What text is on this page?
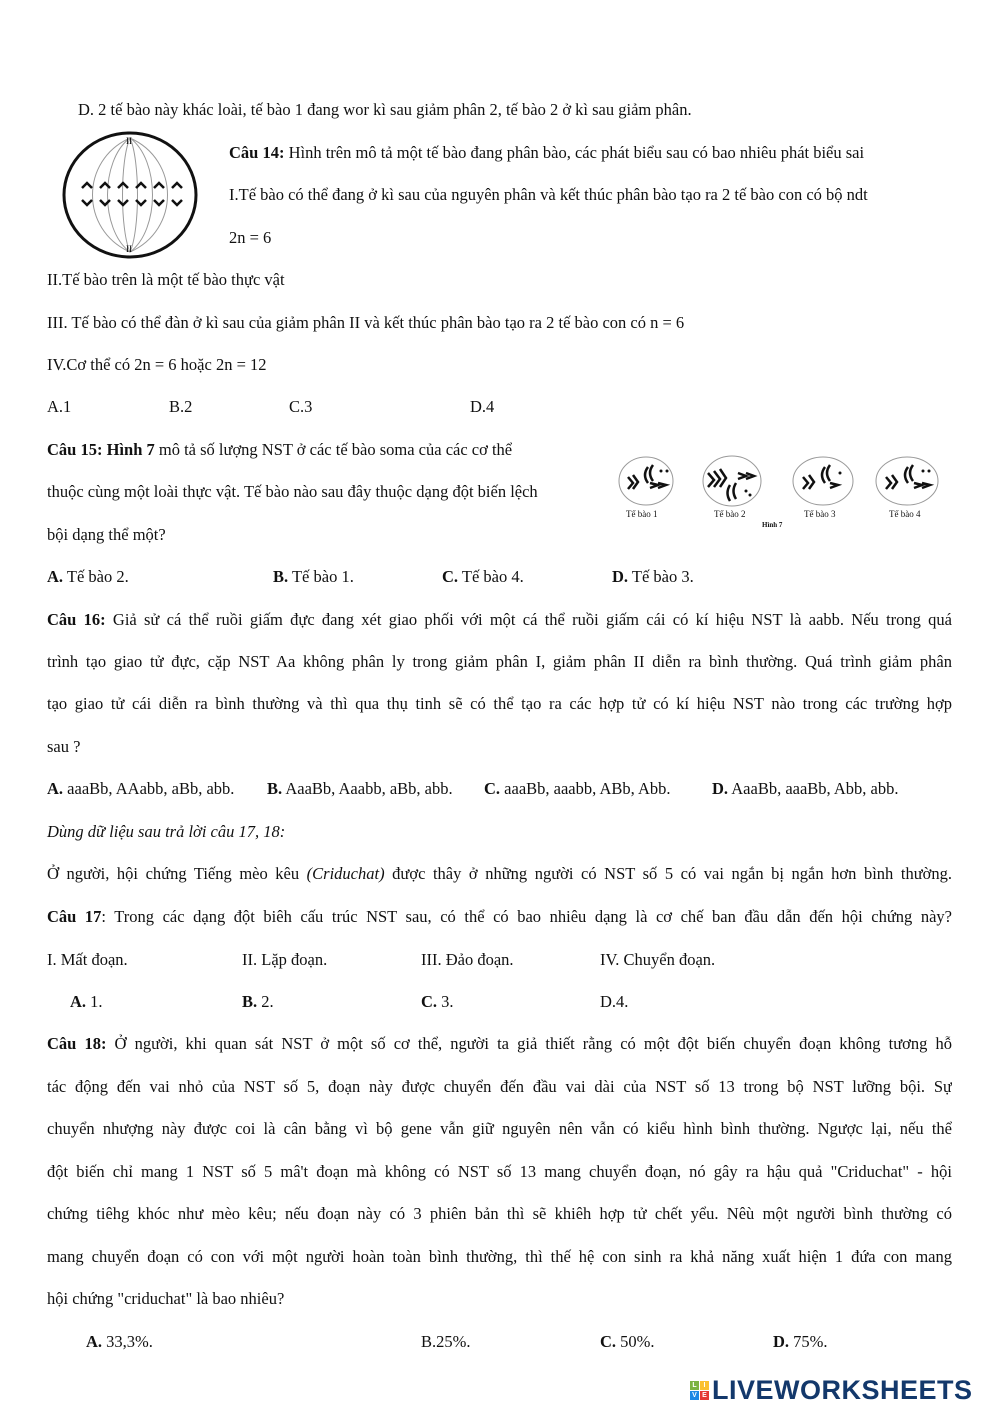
D. 2 tế bào này khác loài, tế bào 1 đang wor kì sau giảm phân 2, tế bào 2 ở kì sau giảm phân.
II
II
Câu 14: Hình trên mô tả một tế bào đang phân bào, các phát biểu sau có bao nhiêu phát biểu sai
I.Tế bào có thể đang ở kì sau của nguyên phân và kết thúc phân bào tạo ra 2 tế bào con có bộ ndt
2n = 6
II.Tế bào trên là một tế bào thực vật
III. Tế bào có thể đàn ở kì sau của giảm phân II và kết thúc phân bào tạo ra 2 tế bào con có n = 6
IV.Cơ thể có 2n = 6 hoặc 2n = 12
A.1	B.2	C.3	D.4
Câu 15: Hình 7 mô tả số lượng NST ở các tế bào soma của các cơ thể
thuộc cùng một loài thực vật. Tế bào nào sau đây thuộc dạng đột biến lệch
bội dạng thể một?
Tế bào 1	Tế bào 2	Tế bào 3	Tế bào 4
Hình 7
A. Tế bào 2.	B. Tế bào 1.	C. Tế bào 4.	D. Tế bào 3.
Câu 16: Giả sử cá thể ruồi giấm đực đang xét giao phối với một cá thể ruồi giấm cái có kí hiệu NST là aabb. Nếu trong quá
trình tạo giao tử đực, cặp NST Aa không phân ly trong giảm phân I, giảm phân II diễn ra bình thường. Quá trình giảm phân
tạo giao tử cái diễn ra bình thường và thì qua thụ tinh sẽ có thể tạo ra các hợp tử có kí hiệu NST nào trong các trường hợp
sau ?
A. aaaBb, AAabb, aBb, abb. B. AaaBb, Aaabb, aBb, abb. C. aaaBb, aaabb, ABb, Abb.	D. AaaBb, aaaBb, Abb, abb.
Dùng dữ liệu sau trả lời câu 17, 18:
Ở người, hội chứng Tiếng mèo kêu (Criduchat) được thây ở những người có NST số 5 có vai ngắn bị ngắn hơn bình thường.
Câu 17: Trong các dạng đột biêh cấu trúc NST sau, có thể có bao nhiêu dạng là cơ chế ban đầu dẫn đến hội chứng này?
I. Mất đoạn.	II. Lặp đoạn.	III. Đảo đoạn.	IV. Chuyển đoạn.
A. 1.	B. 2.	C. 3.	D.4.
Câu 18: Ở người, khi quan sát NST ở một số cơ thể, người ta giả thiết rằng có một đột biến chuyển đoạn không tương hỗ
tác động đến vai nhỏ của NST số 5, đoạn này được chuyển đến đầu vai dài của NST số 13 trong bộ NST lưỡng bội. Sự
chuyển nhượng này được coi là cân bằng vì bộ gene vẫn giữ nguyên nên vẫn có kiểu hình bình thường. Ngược lại, nếu thể
đột biến chỉ mang 1 NST số 5 mâ't đoạn mà không có NST số 13 mang chuyển đoạn, nó gây ra hậu quả "Criduchat" - hội
chứng tiêhg khóc như mèo kêu; nếu đoạn này có 3 phiên bản thì sẽ khiêh hợp tử chết yểu. Nêù một người bình thường có
mang chuyển đoạn có con với một người hoàn toàn bình thường, thì thế hệ con sinh ra khả năng xuất hiện 1 đứa con mang
hội chứng "criduchat" là bao nhiêu?
A. 33,3%.	B.25%.	C. 50%.	D. 75%.
L I
V E LIVEWORKSHEETS
